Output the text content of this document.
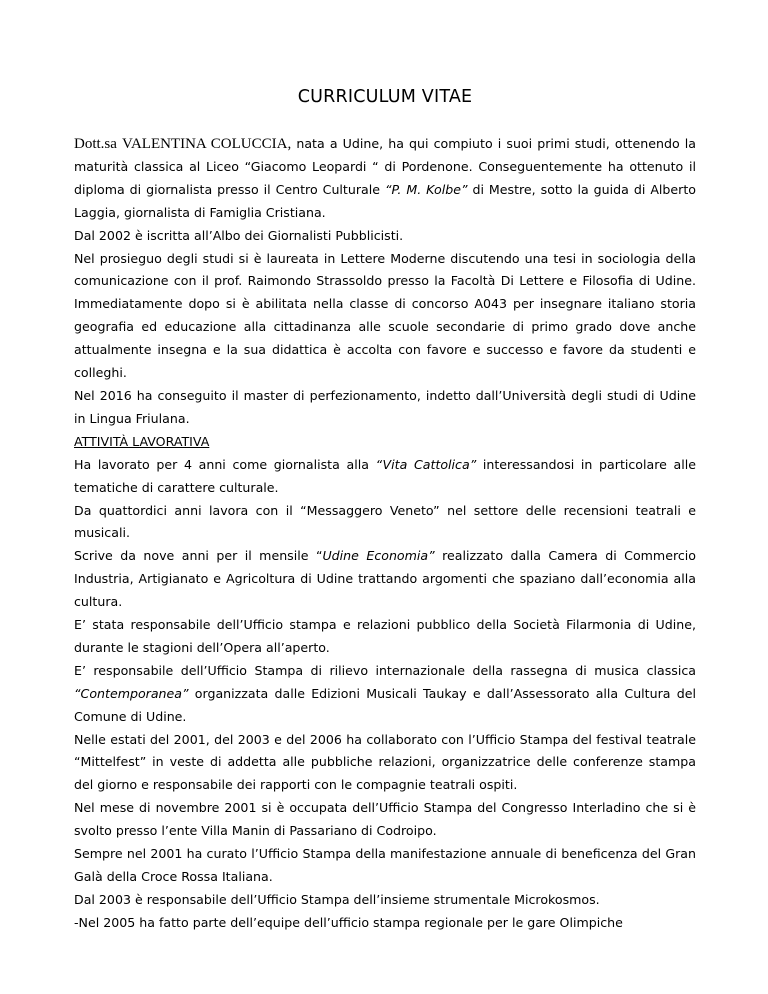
CURRICULUM VITAE

Dott.sa VALENTINA COLUCCIA, nata a Udine, ha qui compiuto i suoi primi studi, ottenendo la maturità classica al Liceo “Giacomo Leopardi “ di Pordenone. Conseguentemente ha ottenuto il diploma di giornalista presso il Centro Culturale “P. M. Kolbe” di Mestre, sotto la guida di Alberto Laggia, giornalista di Famiglia Cristiana.

Dal 2002 è iscritta all’Albo dei Giornalisti Pubblicisti.

Nel prosieguo degli studi si è laureata in Lettere Moderne discutendo una tesi in sociologia della comunicazione con il prof. Raimondo Strassoldo presso la Facoltà Di Lettere e Filosofia di Udine. Immediatamente dopo si è abilitata nella classe di concorso A043 per insegnare italiano storia geografia ed educazione alla cittadinanza alle scuole secondarie di primo grado dove anche attualmente insegna e la sua didattica è accolta con favore e successo e favore da studenti e colleghi.

Nel 2016 ha conseguito il master di perfezionamento, indetto dall’Università degli studi di Udine in Lingua Friulana.

ATTIVITÀ LAVORATIVA

Ha lavorato per 4 anni come giornalista alla “Vita Cattolica” interessandosi in particolare alle tematiche di carattere culturale.

Da quattordici anni lavora con il “Messaggero Veneto” nel settore delle recensioni teatrali e musicali.

Scrive da nove anni per il mensile “Udine Economia” realizzato dalla Camera di Commercio Industria, Artigianato e Agricoltura di Udine trattando argomenti che spaziano dall’economia alla cultura.

E’ stata responsabile dell’Ufficio stampa e relazioni pubblico della Società Filarmonia di Udine, durante le stagioni dell’Opera all’aperto.

E’ responsabile dell’Ufficio Stampa di rilievo internazionale della rassegna di musica classica “Contemporanea” organizzata dalle Edizioni Musicali Taukay e dall’Assessorato alla Cultura del Comune di Udine.

Nelle estati del 2001, del 2003 e del 2006 ha collaborato con l’Ufficio Stampa del festival teatrale “Mittelfest” in veste di addetta alle pubbliche relazioni, organizzatrice delle conferenze stampa del giorno e responsabile dei rapporti con le compagnie teatrali ospiti.

Nel mese di novembre 2001 si è occupata dell’Ufficio Stampa del Congresso Interladino che si è svolto presso l’ente Villa Manin di Passariano di Codroipo.

Sempre nel 2001 ha curato l’Ufficio Stampa della manifestazione annuale di beneficenza del Gran Galà della Croce Rossa Italiana.

Dal 2003 è responsabile dell’Ufficio Stampa dell’insieme strumentale Microkosmos.

-Nel 2005 ha fatto parte dell’equipe dell’ufficio stampa regionale per le gare Olimpiche
